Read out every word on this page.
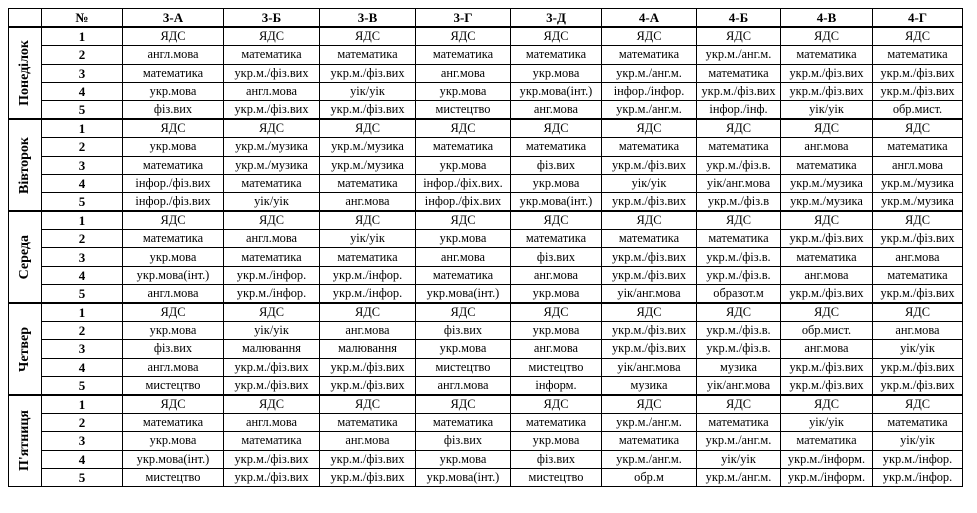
	№	3-А	3-Б	3-В	3-Г	3-Д	4-А	4-Б	4-В	4-Г

Понеділок	1	ЯДС	ЯДС	ЯДС	ЯДС	ЯДС	ЯДС	ЯДС	ЯДС	ЯДС
	2	англ.мова	математика	математика	математика	математика	математика	укр.м./анг.м.	математика	математика
	3	математика	укр.м./фіз.вих	укр.м./фіз.вих	анг.мова	укр.мова	укр.м./анг.м.	математика	укр.м./фіз.вих	укр.м./фіз.вих
	4	укр.мова	англ.мова	уік/уік	укр.мова	укр.мова(інт.)	інфор./інфор.	укр.м./фіз.вих	укр.м./фіз.вих	укр.м./фіз.вих
	5	фіз.вих	укр.м./фіз.вих	укр.м./фіз.вих	мистецтво	анг.мова	укр.м./анг.м.	інфор./інф.	уік/уік	обр.мист.

Вівторок	1	ЯДС	ЯДС	ЯДС	ЯДС	ЯДС	ЯДС	ЯДС	ЯДС	ЯДС
	2	укр.мова	укр.м./музика	укр.м./музика	математика	математика	математика	математика	анг.мова	математика
	3	математика	укр.м./музика	укр.м./музика	укр.мова	фіз.вих	укр.м./фіз.вих	укр.м./фіз.в.	математика	англ.мова
	4	інфор./фіз.вих	математика	математика	інфор./фіх.вих.	укр.мова	уік/уік	уік/анг.мова	укр.м./музика	укр.м./музика
	5	інфор./фіз.вих	уік/уік	анг.мова	інфор./фіх.вих	укр.мова(інт.)	укр.м./фіз.вих	укр.м./фіз.в	укр.м./музика	укр.м./музика

Середа	1	ЯДС	ЯДС	ЯДС	ЯДС	ЯДС	ЯДС	ЯДС	ЯДС	ЯДС
	2	математика	англ.мова	уік/уік	укр.мова	математика	математика	математика	укр.м./фіз.вих	укр.м./фіз.вих
	3	укр.мова	математика	математика	анг.мова	фіз.вих	укр.м./фіз.вих	укр.м./фіз.в.	математика	анг.мова
	4	укр.мова(інт.)	укр.м./інфор.	укр.м./інфор.	математика	анг.мова	укр.м./фіз.вих	укр.м./фіз.в.	анг.мова	математика
	5	англ.мова	укр.м./інфор.	укр.м./інфор.	укр.мова(інт.)	укр.мова	уік/анг.мова	образот.м	укр.м./фіз.вих	укр.м./фіз.вих

Четвер	1	ЯДС	ЯДС	ЯДС	ЯДС	ЯДС	ЯДС	ЯДС	ЯДС	ЯДС
	2	укр.мова	уік/уік	анг.мова	фіз.вих	укр.мова	укр.м./фіз.вих	укр.м./фіз.в.	обр.мист.	анг.мова
	3	фіз.вих	малювання	малювання	укр.мова	анг.мова	укр.м./фіз.вих	укр.м./фіз.в.	анг.мова	уік/уік
	4	англ.мова	укр.м./фіз.вих	укр.м./фіз.вих	мистецтво	мистецтво	уік/анг.мова	музика	укр.м./фіз.вих	укр.м./фіз.вих
	5	мистецтво	укр.м./фіз.вих	укр.м./фіз.вих	англ.мова	інформ.	музика	уік/анг.мова	укр.м./фіз.вих	укр.м./фіз.вих

П'ятниця	1	ЯДС	ЯДС	ЯДС	ЯДС	ЯДС	ЯДС	ЯДС	ЯДС	ЯДС
	2	математика	англ.мова	математика	математика	математика	укр.м./анг.м.	математика	уік/уік	математика
	3	укр.мова	математика	анг.мова	фіз.вих	укр.мова	математика	укр.м./анг.м.	математика	уік/уік
	4	укр.мова(інт.)	укр.м./фіз.вих	укр.м./фіз.вих	укр.мова	фіз.вих	укр.м./анг.м.	уік/уік	укр.м./інформ.	укр.м./інфор.
	5	мистецтво	укр.м./фіз.вих	укр.м./фіз.вих	укр.мова(інт.)	мистецтво	обр.м	укр.м./анг.м.	укр.м./інформ.	укр.м./інфор.
